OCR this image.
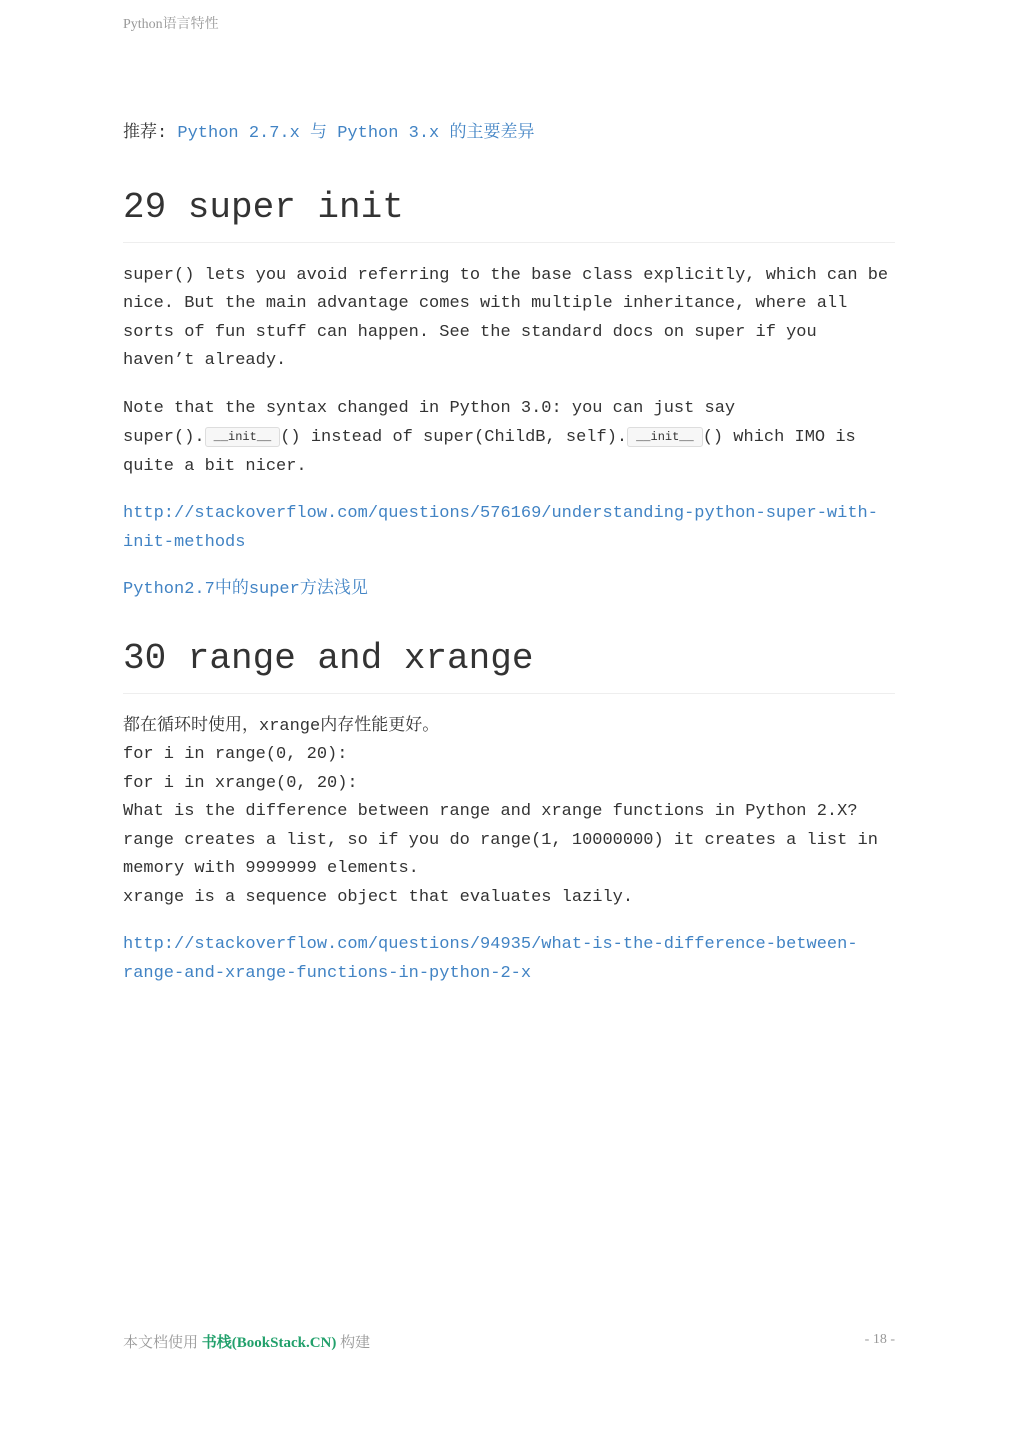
Python语言特性

推荐: Python 2.7.x 与 Python 3.x 的主要差异

29 super init

super() lets you avoid referring to the base class explicitly, which can be nice. But the main advantage comes with multiple inheritance, where all sorts of fun stuff can happen. See the standard docs on super if you haven’t already.

Note that the syntax changed in Python 3.0: you can just say super(). __init__ () instead of super(ChildB, self). __init__ () which IMO is quite a bit nicer.

http://stackoverflow.com/questions/576169/understanding-python-super-with-init-methods

Python2.7中的super方法浅见

30 range and xrange

都在循环时使用，xrange内存性能更好。
for i in range(0, 20):
for i in xrange(0, 20):
What is the difference between range and xrange functions in Python 2.X?
range creates a list, so if you do range(1, 10000000) it creates a list in memory with 9999999 elements.
xrange is a sequence object that evaluates lazily.

http://stackoverflow.com/questions/94935/what-is-the-difference-between-range-and-xrange-functions-in-python-2-x

本文档使用 书栈(BookStack.CN) 构建	- 18 -
